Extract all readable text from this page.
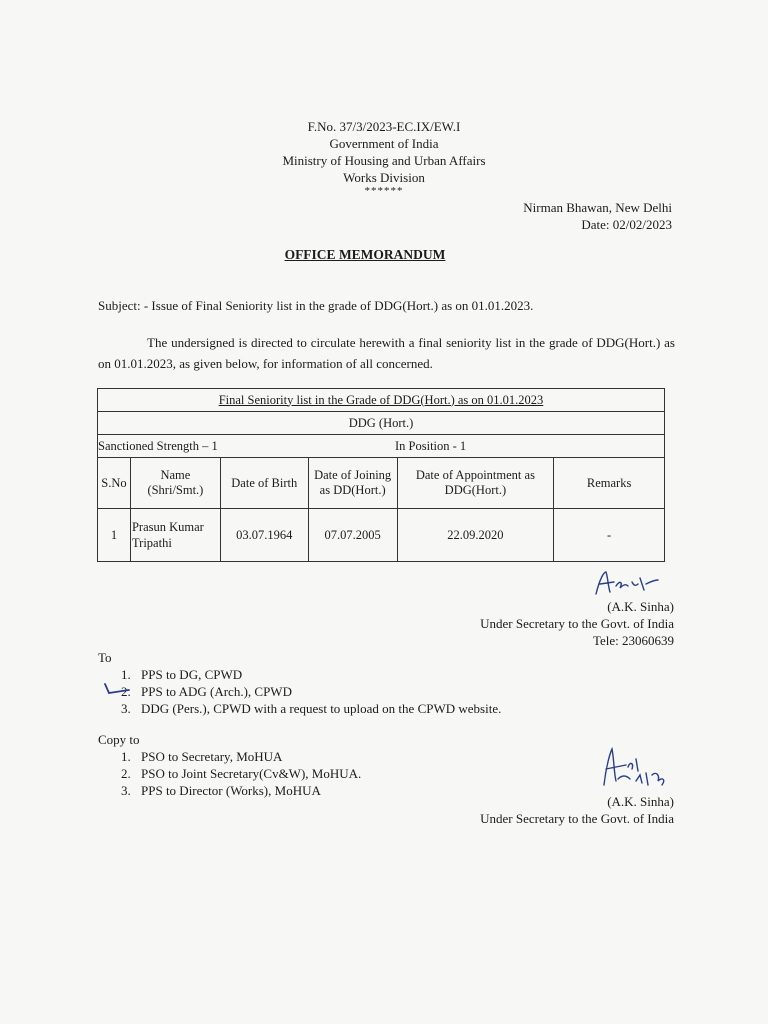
F.No. 37/3/2023-EC.IX/EW.I
Government of India
Ministry of Housing and Urban Affairs
Works Division
******
Nirman Bhawan, New Delhi
Date: 02/02/2023
OFFICE MEMORANDUM
Subject: - Issue of Final Seniority list in the grade of DDG(Hort.) as on 01.01.2023.
The undersigned is directed to circulate herewith a final seniority list in the grade of DDG(Hort.) as on 01.01.2023, as given below, for information of all concerned.
Final Seniority list in the Grade of DDG(Hort.) as on 01.01.2023					
DDG (Hort.)					

Sanctioned Strength – 1 In Position - 1					

S.No	Name (Shri/Smt.)	Date of Birth	Date of Joining as DD(Hort.)	Date of Appointment as DDG(Hort.)	Remarks
1	Prasun Kumar Tripathi	03.07.1964	07.07.2005	22.09.2020	-
(A.K. Sinha)
Under Secretary to the Govt. of India
Tele: 23060639
To
1. PPS to DG, CPWD
2. PPS to ADG (Arch.), CPWD
3. DDG (Pers.), CPWD with a request to upload on the CPWD website.
Copy to
1. PSO to Secretary, MoHUA
2. PSO to Joint Secretary(Cv&W), MoHUA.
3. PPS to Director (Works), MoHUA
(A.K. Sinha)
Under Secretary to the Govt. of India
